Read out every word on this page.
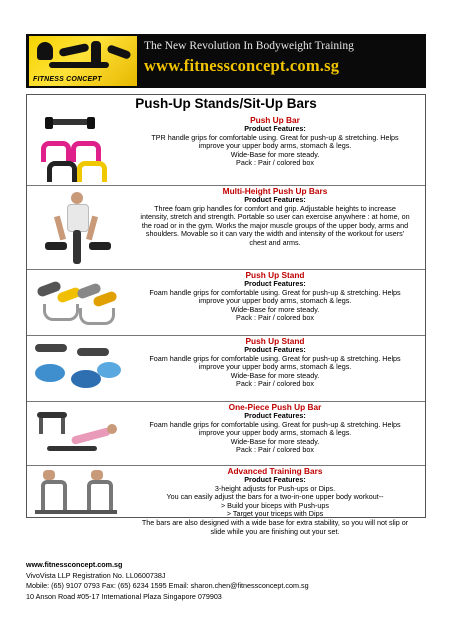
FITNESS CONCEPT
The New Revolution In Bodyweight Training
www.fitnessconcept.com.sg
Push-Up Stands/Sit-Up Bars
Push Up Bar
Product Features:
TPR handle grips for comfortable using. Great for push-up & stretching. Helps
improve your upper body arms, stomach & legs.
Wide-Base for more steady.
Pack : Pair / colored box
Multi-Height Push Up Bars
Product Features:
Three foam grip handles for comfort and grip. Adjustable heights to increase
intensity, stretch and strength. Portable so user can exercise anywhere : at home, on
the road or in the gym. Works the major muscle groups of the upper body, arms and
shoulders. Movable so it can vary the width and intensity of the workout for users'
chest and arms.
Push Up Stand
Product Features:
Foam handle grips for comfortable using. Great for push-up & stretching. Helps
improve your upper body arms, stomach & legs.
Wide-Base for more steady.
Pack : Pair / colored box
Push Up Stand
Product Features:
Foam handle grips for comfortable using. Great for push-up & stretching. Helps
improve your upper body arms, stomach & legs.
Wide-Base for more steady.
Pack : Pair / colored box
One-Piece Push Up Bar
Product Features:
Foam handle grips for comfortable using. Great for push-up & stretching. Helps
improve your upper body arms, stomach & legs.
Wide-Base for more steady.
Pack : Pair / colored box
Advanced Training Bars
Product Features:
3-height adjusts for Push-ups or Dips.
You can easily adjust the bars for a two-in-one upper body workout--
> Build your biceps with Push-ups
> Target your triceps with Dips
The bars are also designed with a wide base for extra stability, so you will not slip or
slide while you are finishing out your set.
www.fitnessconcept.com.sg
VivoVista LLP Registration No. LL0600738J
Mobile: (65) 9107 0793 Fax: (65) 6234 1595 Email: sharon.chen@fitnessconcept.com.sg
10 Anson Road #05-17 International Plaza Singapore 079903
